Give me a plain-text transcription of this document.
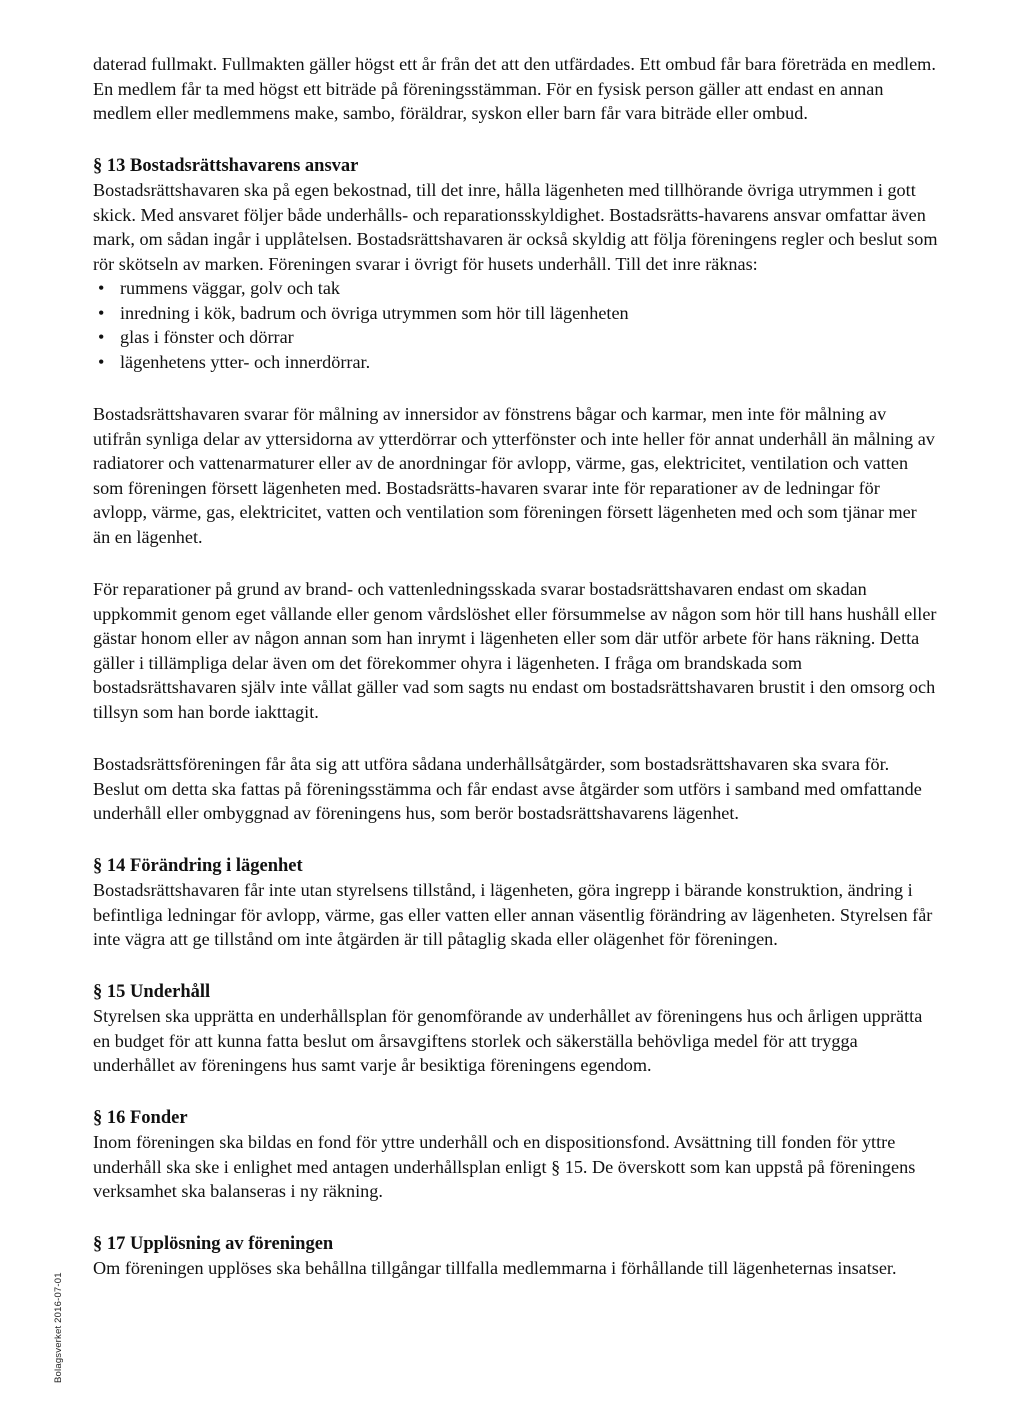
daterad fullmakt. Fullmakten gäller högst ett år från det att den utfärdades. Ett ombud får bara företräda en medlem. En medlem får ta med högst ett biträde på föreningsstämman. För en fysisk person gäller att endast en annan medlem eller medlemmens make, sambo, föräldrar, syskon eller barn får vara biträde eller ombud.

§ 13 Bostadsrättshavarens ansvar

Bostadsrättshavaren ska på egen bekostnad, till det inre, hålla lägenheten med tillhörande övriga utrymmen i gott skick. Med ansvaret följer både underhålls- och reparationsskyldighet. Bostadsrätts-havarens ansvar omfattar även mark, om sådan ingår i upplåtelsen. Bostadsrättshavaren är också skyldig att följa föreningens regler och beslut som rör skötseln av marken. Föreningen svarar i övrigt för husets underhåll. Till det inre räknas:

• rummens väggar, golv och tak
• inredning i kök, badrum och övriga utrymmen som hör till lägenheten
• glas i fönster och dörrar
• lägenhetens ytter- och innerdörrar.

Bostadsrättshavaren svarar för målning av innersidor av fönstrens bågar och karmar, men inte för målning av utifrån synliga delar av yttersidorna av ytterdörrar och ytterfönster och inte heller för annat underhåll än målning av radiatorer och vattenarmaturer eller av de anordningar för avlopp, värme, gas, elektricitet, ventilation och vatten som föreningen försett lägenheten med. Bostadsrätts-havaren svarar inte för reparationer av de ledningar för avlopp, värme, gas, elektricitet, vatten och ventilation som föreningen försett lägenheten med och som tjänar mer än en lägenhet.

För reparationer på grund av brand- och vattenledningsskada svarar bostadsrättshavaren endast om skadan uppkommit genom eget vållande eller genom vårdslöshet eller försummelse av någon som hör till hans hushåll eller gästar honom eller av någon annan som han inrymt i lägenheten eller som där utför arbete för hans räkning. Detta gäller i tillämpliga delar även om det förekommer ohyra i lägenheten. I fråga om brandskada som bostadsrättshavaren själv inte vållat gäller vad som sagts nu endast om bostadsrättshavaren brustit i den omsorg och tillsyn som han borde iakttagit.

Bostadsrättsföreningen får åta sig att utföra sådana underhållsåtgärder, som bostadsrättshavaren ska svara för. Beslut om detta ska fattas på föreningsstämma och får endast avse åtgärder som utförs i samband med omfattande underhåll eller ombyggnad av föreningens hus, som berör bostadsrättshavarens lägenhet.

§ 14 Förändring i lägenhet

Bostadsrättshavaren får inte utan styrelsens tillstånd, i lägenheten, göra ingrepp i bärande konstruktion, ändring i befintliga ledningar för avlopp, värme, gas eller vatten eller annan väsentlig förändring av lägenheten. Styrelsen får inte vägra att ge tillstånd om inte åtgärden är till påtaglig skada eller olägenhet för föreningen.

§ 15 Underhåll

Styrelsen ska upprätta en underhållsplan för genomförande av underhållet av föreningens hus och årligen upprätta en budget för att kunna fatta beslut om årsavgiftens storlek och säkerställa behövliga medel för att trygga underhållet av föreningens hus samt varje år besiktiga föreningens egendom.

§ 16 Fonder

Inom föreningen ska bildas en fond för yttre underhåll och en dispositionsfond. Avsättning till fonden för yttre underhåll ska ske i enlighet med antagen underhållsplan enligt § 15. De överskott som kan uppstå på föreningens verksamhet ska balanseras i ny räkning.

§ 17 Upplösning av föreningen

Om föreningen upplöses ska behållna tillgångar tillfalla medlemmarna i förhållande till lägenheternas insatser.

Bolagsverket 2016-07-01
